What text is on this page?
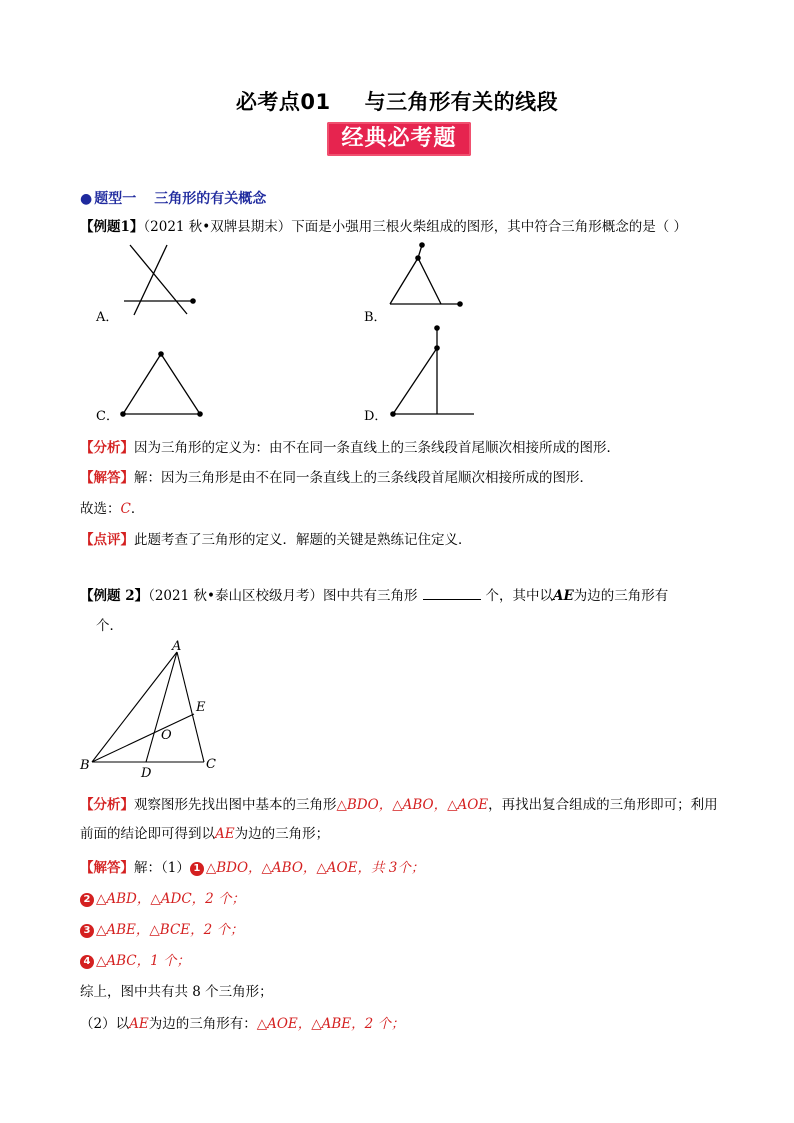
必考点01 与三角形有关的线段
经典必考题
● 题型一 三角形的有关概念
【例题1】（2021 秋•双牌县期末）下面是小强用三根火柴组成的图形，其中符合三角形概念的是（ ）
A．	B．
C．	D．
【分析】因为三角形的定义为：由不在同一条直线上的三条线段首尾顺次相接所成的图形．
【解答】解：因为三角形是由不在同一条直线上的三条线段首尾顺次相接所成的图形．
故选：C．
【点评】此题考查了三角形的定义．解题的关键是熟练记住定义．
【例题 2】（2021 秋•泰山区校级月考）图中共有三角形	个，其中以AE为边的三角形有
个．
A
B	C
D
E
O
【分析】观察图形先找出图中基本的三角形△BDO，△ABO，△AOE，再找出复合组成的三角形即可；利用
前面的结论即可得到以AE为边的三角形；
【解答】解：（1） 1 △BDO，△ABO，△AOE，共 3个；
2 △ABD，△ADC，2 个；
3 △ABE，△BCE，2 个；
4 △ABC，1 个；
综上，图中共有共 8 个三角形；
（2）以AE为边的三角形有：△AOE，△ABE，2 个；
